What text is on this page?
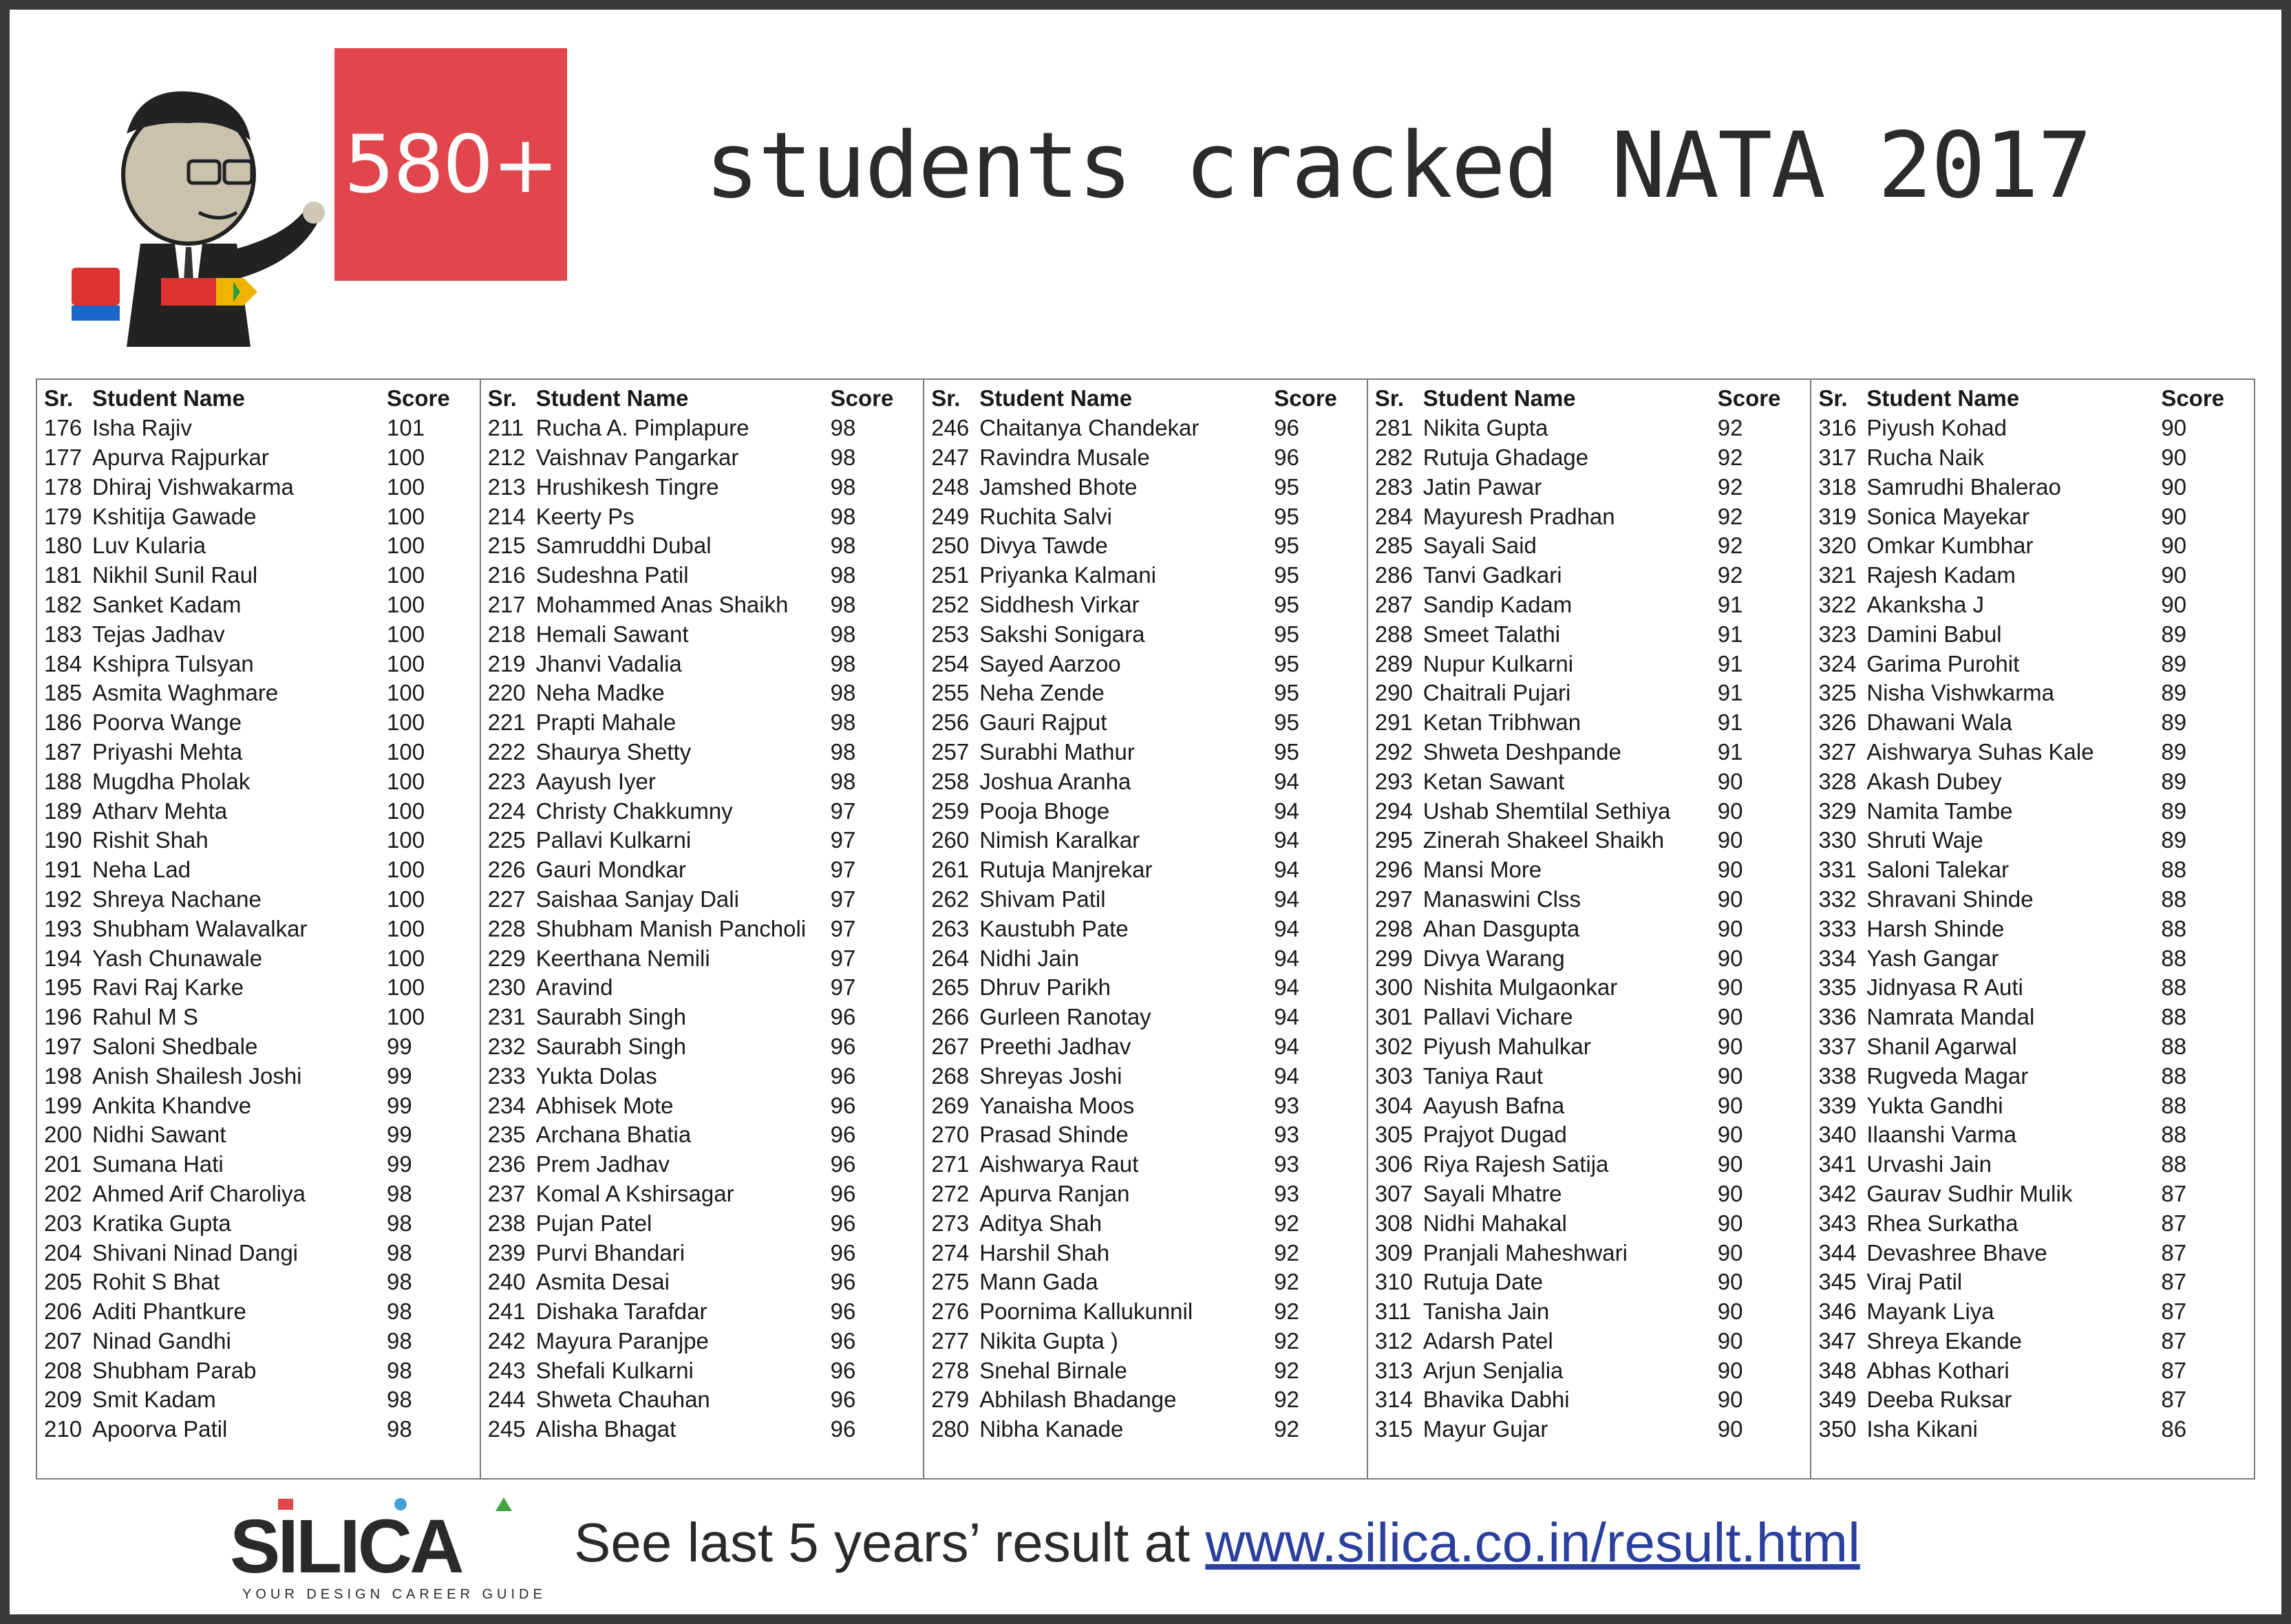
580+ students cracked NATA 2017
Sr. Student Name	Score
176 Isha Rajiv	101
177 Apurva Rajpurkar	100
178 Dhiraj Vishwakarma	100
179 Kshitija Gawade	100
180 Luv Kularia	100
181 Nikhil Sunil Raul	100
182 Sanket Kadam	100
183 Tejas Jadhav	100
184 Kshipra Tulsyan	100
185 Asmita Waghmare	100
186 Poorva Wange	100
187 Priyashi Mehta	100
188 Mugdha Pholak	100
189 Atharv Mehta	100
190 Rishit Shah	100
191 Neha Lad	100
192 Shreya Nachane	100
193 Shubham Walavalkar	100
194 Yash Chunawale	100
195 Ravi Raj Karke	100
196 Rahul M S	100
197 Saloni Shedbale	99
198 Anish Shailesh Joshi	99
199 Ankita Khandve	99
200 Nidhi Sawant	99
201 Sumana Hati	99
202 Ahmed Arif Charoliya	98
203 Kratika Gupta	98
204 Shivani Ninad Dangi	98
205 Rohit S Bhat	98
206 Aditi Phantkure	98
207 Ninad Gandhi	98
208 Shubham Parab	98
209 Smit Kadam	98
210 Apoorva Patil	98
Sr. Student Name	Score
211 Rucha A. Pimplapure	98
212 Vaishnav Pangarkar	98
213 Hrushikesh Tingre	98
214 Keerty Ps	98
215 Samruddhi Dubal	98
216 Sudeshna Patil	98
217 Mohammed Anas Shaikh	98
218 Hemali Sawant	98
219 Jhanvi Vadalia	98
220 Neha Madke	98
221 Prapti Mahale	98
222 Shaurya Shetty	98
223 Aayush Iyer	98
224 Christy Chakkumny	97
225 Pallavi Kulkarni	97
226 Gauri Mondkar	97
227 Saishaa Sanjay Dali	97
228 Shubham Manish Pancholi	97
229 Keerthana Nemili	97
230 Aravind	97
231 Saurabh Singh	96
232 Saurabh Singh	96
233 Yukta Dolas	96
234 Abhisek Mote	96
235 Archana Bhatia	96
236 Prem Jadhav	96
237 Komal A Kshirsagar	96
238 Pujan Patel	96
239 Purvi Bhandari	96
240 Asmita Desai	96
241 Dishaka Tarafdar	96
242 Mayura Paranjpe	96
243 Shefali Kulkarni	96
244 Shweta Chauhan	96
245 Alisha Bhagat	96
Sr. Student Name	Score
246 Chaitanya Chandekar	96
247 Ravindra Musale	96
248 Jamshed Bhote	95
249 Ruchita Salvi	95
250 Divya Tawde	95
251 Priyanka Kalmani	95
252 Siddhesh Virkar	95
253 Sakshi Sonigara	95
254 Sayed Aarzoo	95
255 Neha Zende	95
256 Gauri Rajput	95
257 Surabhi Mathur	95
258 Joshua Aranha	94
259 Pooja Bhoge	94
260 Nimish Karalkar	94
261 Rutuja Manjrekar	94
262 Shivam Patil	94
263 Kaustubh Pate	94
264 Nidhi Jain	94
265 Dhruv Parikh	94
266 Gurleen Ranotay	94
267 Preethi Jadhav	94
268 Shreyas Joshi	94
269 Yanaisha Moos	93
270 Prasad Shinde	93
271 Aishwarya Raut	93
272 Apurva Ranjan	93
273 Aditya Shah	92
274 Harshil Shah	92
275 Mann Gada	92
276 Poornima Kallukunnil	92
277 Nikita Gupta )	92
278 Snehal Birnale	92
279 Abhilash Bhadange	92
280 Nibha Kanade	92
Sr. Student Name	Score
281 Nikita Gupta	92
282 Rutuja Ghadage	92
283 Jatin Pawar	92
284 Mayuresh Pradhan	92
285 Sayali Said	92
286 Tanvi Gadkari	92
287 Sandip Kadam	91
288 Smeet Talathi	91
289 Nupur Kulkarni	91
290 Chaitrali Pujari	91
291 Ketan Tribhwan	91
292 Shweta Deshpande	91
293 Ketan Sawant	90
294 Ushab Shemtilal Sethiya	90
295 Zinerah Shakeel Shaikh	90
296 Mansi More	90
297 Manaswini Clss	90
298 Ahan Dasgupta	90
299 Divya Warang	90
300 Nishita Mulgaonkar	90
301 Pallavi Vichare	90
302 Piyush Mahulkar	90
303 Taniya Raut	90
304 Aayush Bafna	90
305 Prajyot Dugad	90
306 Riya Rajesh Satija	90
307 Sayali Mhatre	90
308 Nidhi Mahakal	90
309 Pranjali Maheshwari	90
310 Rutuja Date	90
311 Tanisha Jain	90
312 Adarsh Patel	90
313 Arjun Senjalia	90
314 Bhavika Dabhi	90
315 Mayur Gujar	90
Sr. Student Name	Score
316 Piyush Kohad	90
317 Rucha Naik	90
318 Samrudhi Bhalerao	90
319 Sonica Mayekar	90
320 Omkar Kumbhar	90
321 Rajesh Kadam	90
322 Akanksha J	90
323 Damini Babul	89
324 Garima Purohit	89
325 Nisha Vishwkarma	89
326 Dhawani Wala	89
327 Aishwarya Suhas Kale	89
328 Akash Dubey	89
329 Namita Tambe	89
330 Shruti Waje	89
331 Saloni Talekar	88
332 Shravani Shinde	88
333 Harsh Shinde	88
334 Yash Gangar	88
335 Jidnyasa R Auti	88
336 Namrata Mandal	88
337 Shanil Agarwal	88
338 Rugveda Magar	88
339 Yukta Gandhi	88
340 Ilaanshi Varma	88
341 Urvashi Jain	88
342 Gaurav Sudhir Mulik	87
343 Rhea Surkatha	87
344 Devashree Bhave	87
345 Viraj Patil	87
346 Mayank Liya	87
347 Shreya Ekande	87
348 Abhas Kothari	87
349 Deeba Ruksar	87
350 Isha Kikani	86
SILICA
YOUR DESIGN CAREER GUIDE
See last 5 years’ result at www.silica.co.in/result.html
